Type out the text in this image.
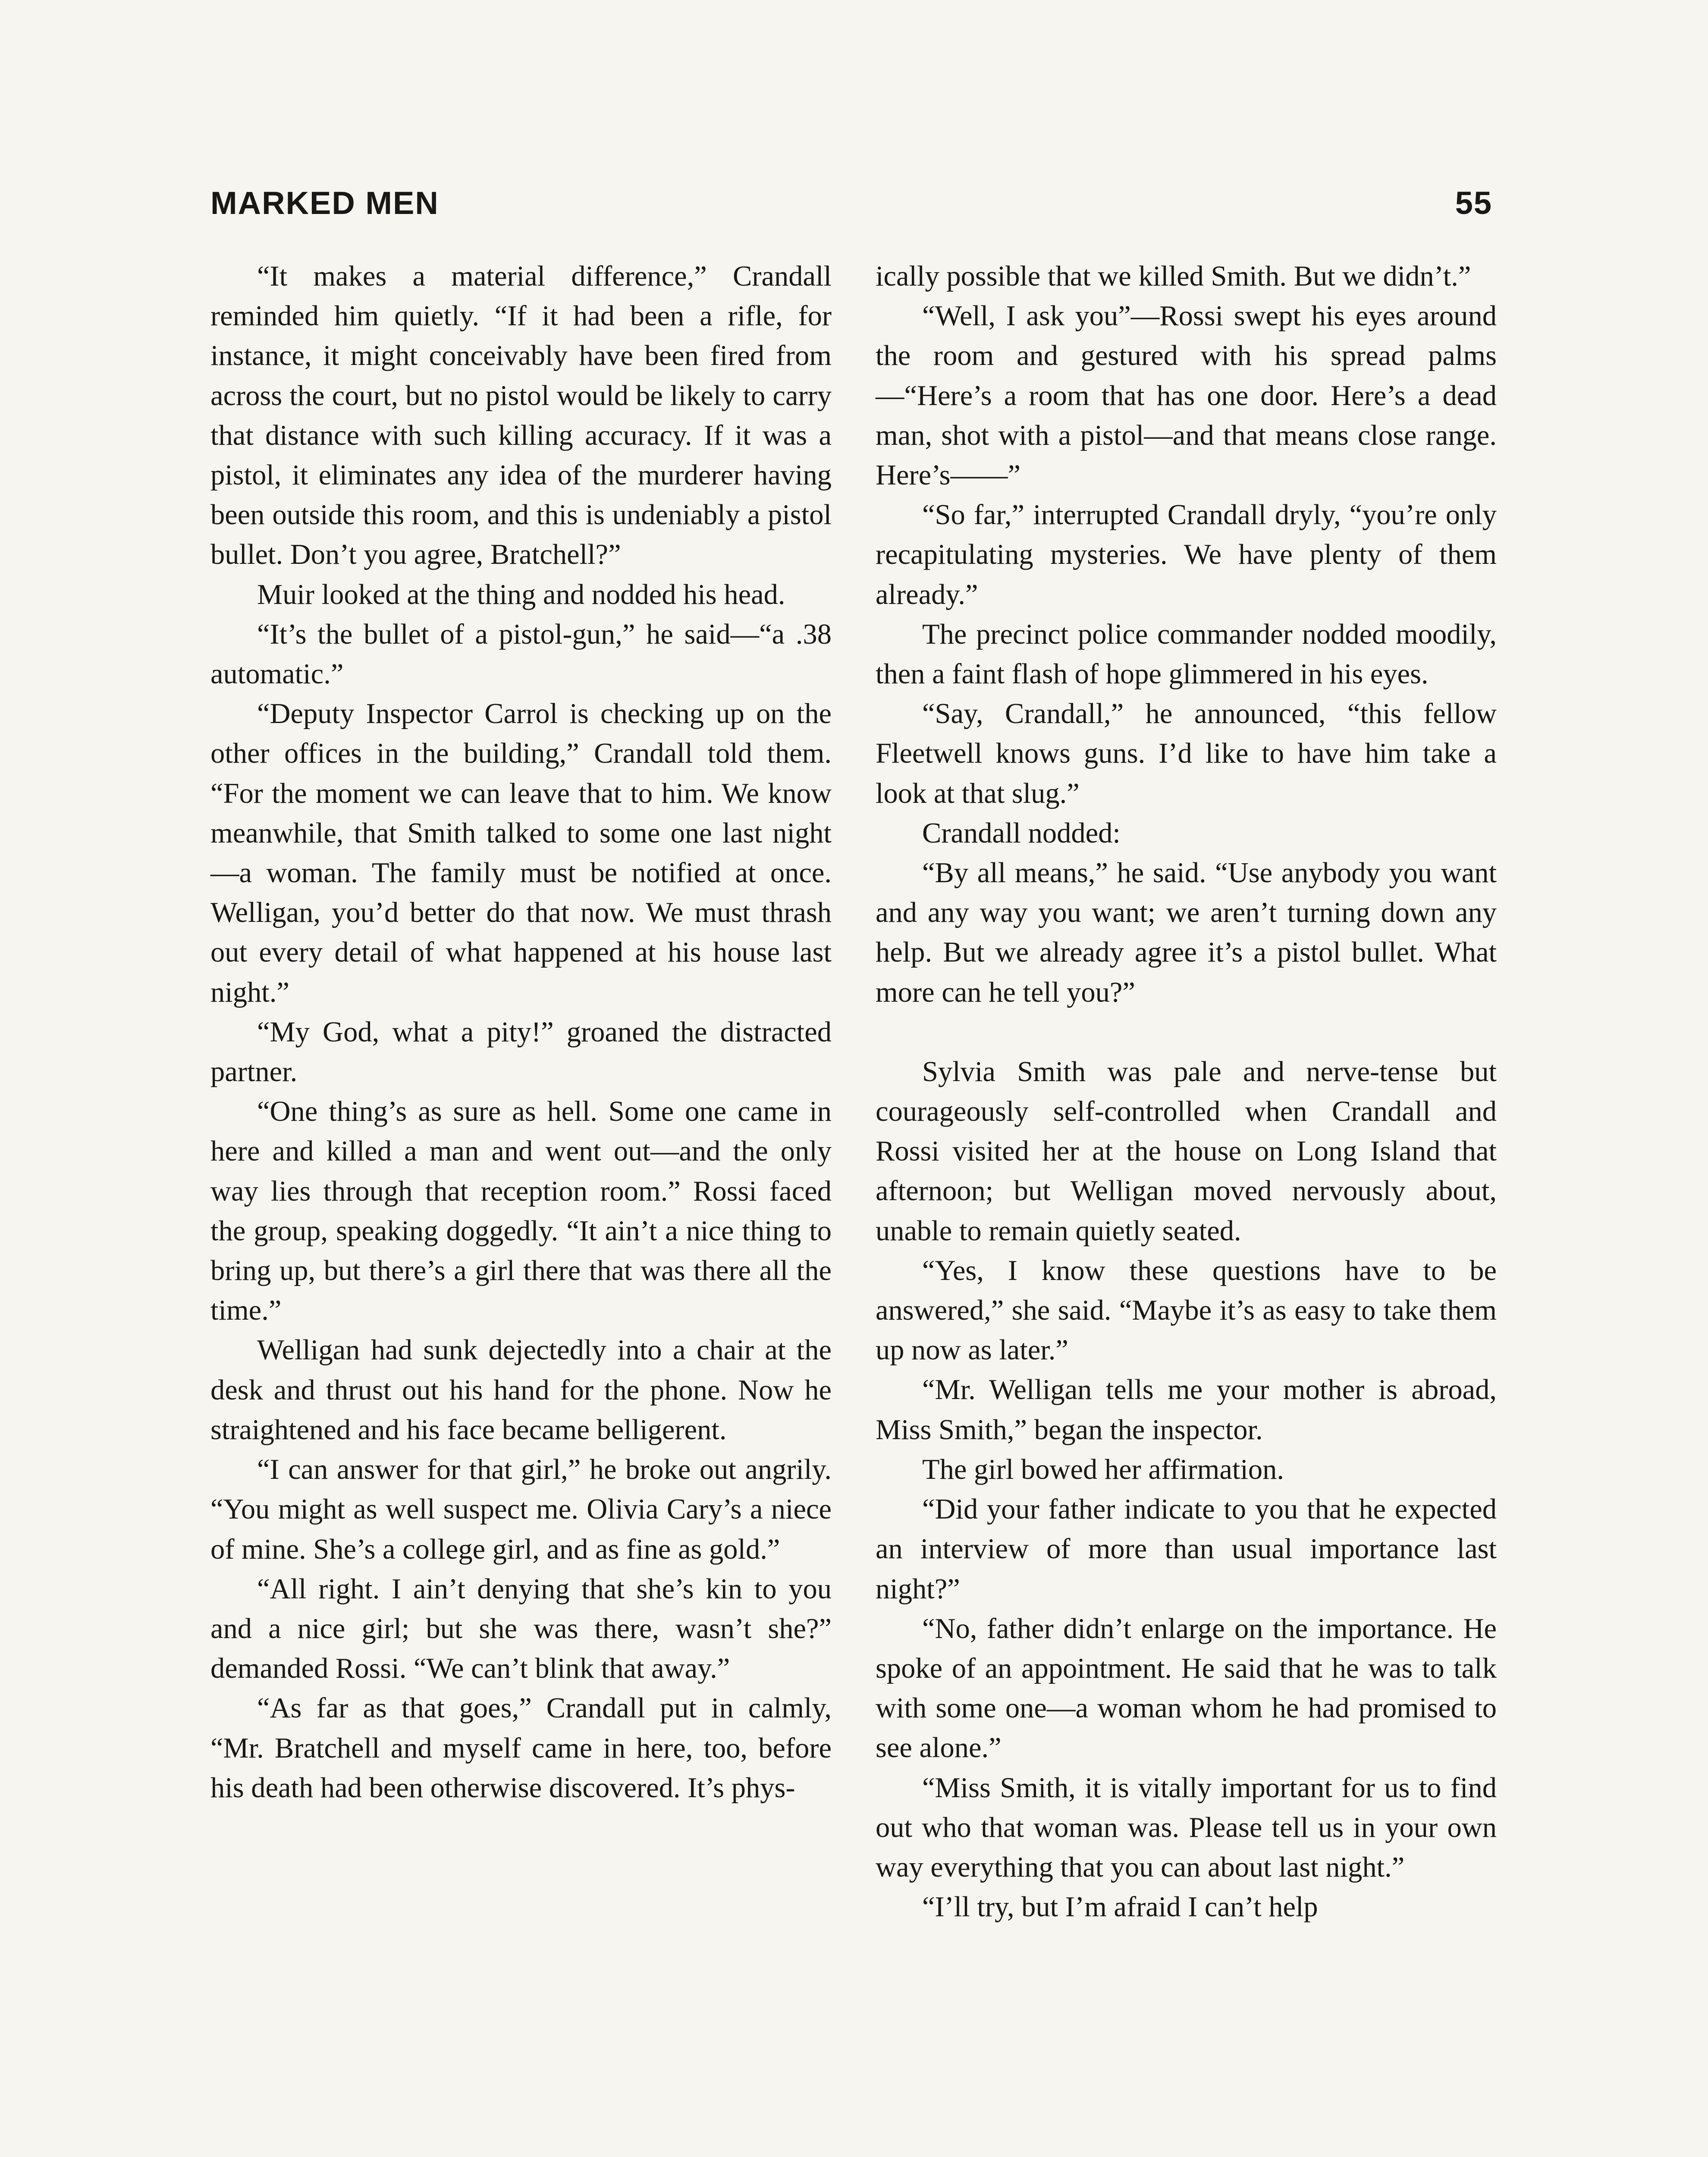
MARKED MEN	55

“It makes a material difference,” Crandall reminded him quietly. “If it had been a rifle, for instance, it might conceivably have been fired from across the court, but no pistol would be likely to carry that distance with such killing accuracy. If it was a pistol, it eliminates any idea of the murderer having been outside this room, and this is undeniably a pistol bullet. Don’t you agree, Bratchell?”

Muir looked at the thing and nodded his head.

“It’s the bullet of a pistol-gun,” he said—“a .38 automatic.”

“Deputy Inspector Carrol is checking up on the other offices in the building,” Crandall told them. “For the moment we can leave that to him. We know meanwhile, that Smith talked to some one last night—a woman. The family must be notified at once. Welligan, you’d better do that now. We must thrash out every detail of what happened at his house last night.”

“My God, what a pity!” groaned the distracted partner.

“One thing’s as sure as hell. Some one came in here and killed a man and went out—and the only way lies through that reception room.” Rossi faced the group, speaking doggedly. “It ain’t a nice thing to bring up, but there’s a girl there that was there all the time.”

Welligan had sunk dejectedly into a chair at the desk and thrust out his hand for the phone. Now he straightened and his face became belligerent.

“I can answer for that girl,” he broke out angrily. “You might as well suspect me. Olivia Cary’s a niece of mine. She’s a college girl, and as fine as gold.”

“All right. I ain’t denying that she’s kin to you and a nice girl; but she was there, wasn’t she?” demanded Rossi. “We can’t blink that away.”

“As far as that goes,” Crandall put in calmly, “Mr. Bratchell and myself came in here, too, before his death had been otherwise discovered. It’s phys-

ically possible that we killed Smith. But we didn’t.”

“Well, I ask you”—Rossi swept his eyes around the room and gestured with his spread palms—“Here’s a room that has one door. Here’s a dead man, shot with a pistol—and that means close range. Here’s——”

“So far,” interrupted Crandall dryly, “you’re only recapitulating mysteries. We have plenty of them already.”

The precinct police commander nodded moodily, then a faint flash of hope glimmered in his eyes.

“Say, Crandall,” he announced, “this fellow Fleetwell knows guns. I’d like to have him take a look at that slug.”

Crandall nodded:

“By all means,” he said. “Use anybody you want and any way you want; we aren’t turning down any help. But we already agree it’s a pistol bullet. What more can he tell you?”

Sylvia Smith was pale and nerve-tense but courageously self-controlled when Crandall and Rossi visited her at the house on Long Island that afternoon; but Welligan moved nervously about, unable to remain quietly seated.

“Yes, I know these questions have to be answered,” she said. “Maybe it’s as easy to take them up now as later.”

“Mr. Welligan tells me your mother is abroad, Miss Smith,” began the inspector.

The girl bowed her affirmation.

“Did your father indicate to you that he expected an interview of more than usual importance last night?”

“No, father didn’t enlarge on the importance. He spoke of an appointment. He said that he was to talk with some one—a woman whom he had promised to see alone.”

“Miss Smith, it is vitally important for us to find out who that woman was. Please tell us in your own way everything that you can about last night.”

“I’ll try, but I’m afraid I can’t help
